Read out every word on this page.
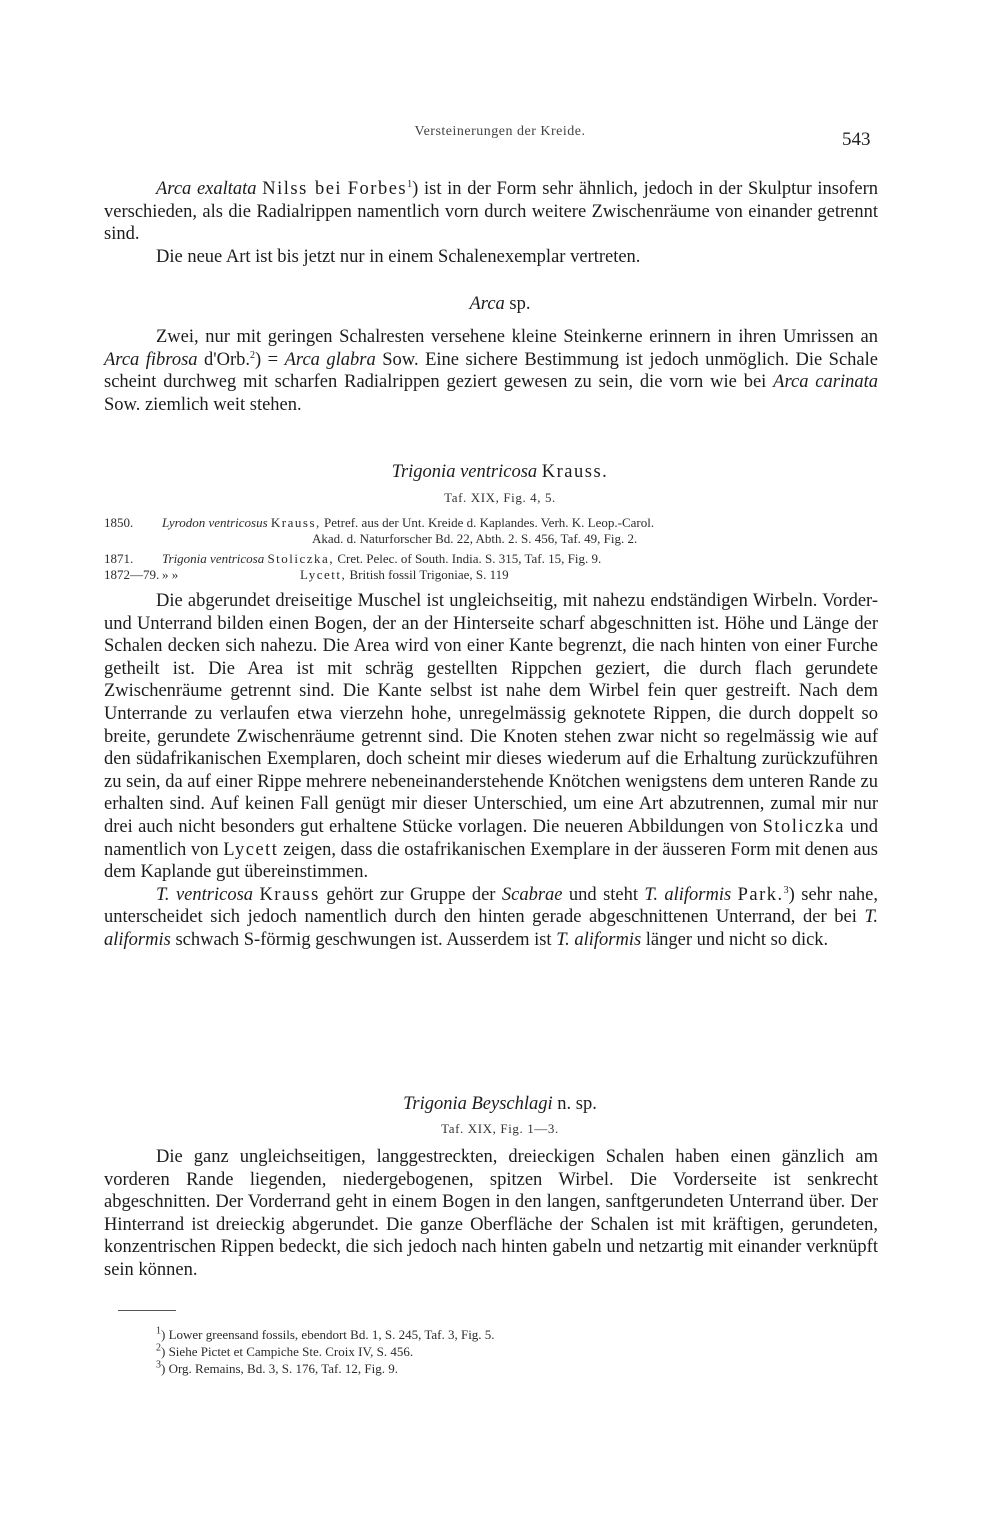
Versteinerungen der Kreide.	543

Arca exaltata Nilss bei Forbes$^1$) ist in der Form sehr ähnlich, jedoch in der Skulptur insofern verschieden, als die Radialrippen namentlich vorn durch weitere Zwischenräume von einander getrennt sind.

Die neue Art ist bis jetzt nur in einem Schalenexemplar vertreten.

Arca sp.

Zwei, nur mit geringen Schalresten versehene kleine Steinkerne erinnern in ihren Umrissen an Arca fibrosa d'Orb.$^2$) = Arca glabra Sow. Eine sichere Bestimmung ist jedoch unmöglich. Die Schale scheint durchweg mit scharfen Radialrippen geziert gewesen zu sein, die vorn wie bei Arca carinata Sow. ziemlich weit stehen.

Trigonia ventricosa Krauss.
Taf. XIX, Fig. 4, 5.
1850. Lyrodon ventricosus Krauss, Petref. aus der Unt. Kreide d. Kaplandes. Verh. K. Leop.-Carol.
Akad. d. Naturforscher Bd. 22, Abth. 2. S. 456, Taf. 49, Fig. 2.
1871. Trigonia ventricosa Stoliczka, Cret. Pelec. of South. India. S. 315, Taf. 15, Fig. 9.
1872—79. » »	Lycett, British fossil Trigoniae, S. 119

Die abgerundet dreiseitige Muschel ist ungleichseitig, mit nahezu endständigen Wirbeln. Vorder- und Unterrand bilden einen Bogen, der an der Hinterseite scharf abgeschnitten ist. Höhe und Länge der Schalen decken sich nahezu. Die Area wird von einer Kante begrenzt, die nach hinten von einer Furche getheilt ist. Die Area ist mit schräg gestellten Rippchen geziert, die durch flach gerundete Zwischenräume getrennt sind. Die Kante selbst ist nahe dem Wirbel fein quer gestreift. Nach dem Unterrande zu verlaufen etwa vierzehn hohe, unregelmässig geknotete Rippen, die durch doppelt so breite, gerundete Zwischenräume getrennt sind. Die Knoten stehen zwar nicht so regelmässig wie auf den südafrikanischen Exemplaren, doch scheint mir dieses wiederum auf die Erhaltung zurückzuführen zu sein, da auf einer Rippe mehrere nebeneinanderstehende Knötchen wenigstens dem unteren Rande zu erhalten sind. Auf keinen Fall genügt mir dieser Unterschied, um eine Art abzutrennen, zumal mir nur drei auch nicht besonders gut erhaltene Stücke vorlagen. Die neueren Abbildungen von Stoliczka und namentlich von Lycett zeigen, dass die ostafrikanischen Exemplare in der äusseren Form mit denen aus dem Kaplande gut übereinstimmen.

T. ventricosa Krauss gehört zur Gruppe der Scabrae und steht T. aliformis Park.$^3$) sehr nahe, unterscheidet sich jedoch namentlich durch den hinten gerade abgeschnittenen Unterrand, der bei T. aliformis schwach S-förmig geschwungen ist. Ausserdem ist T. aliformis länger und nicht so dick.

Trigonia Beyschlagi n. sp.
Taf. XIX, Fig. 1—3.

Die ganz ungleichseitigen, langgestreckten, dreieckigen Schalen haben einen gänzlich am vorderen Rande liegenden, niedergebogenen, spitzen Wirbel. Die Vorderseite ist senkrecht abgeschnitten. Der Vorderrand geht in einem Bogen in den langen, sanftgerundeten Unterrand über. Der Hinterrand ist dreieckig abgerundet. Die ganze Oberfläche der Schalen ist mit kräftigen, gerundeten, konzentrischen Rippen bedeckt, die sich jedoch nach hinten gabeln und netzartig mit einander verknüpft sein können.

$^1$) Lower greensand fossils, ebendort Bd. 1, S. 245, Taf. 3, Fig. 5.
$^2$) Siehe Pictet et Campiche Ste. Croix IV, S. 456.
$^3$) Org. Remains, Bd. 3, S. 176, Taf. 12, Fig. 9.
